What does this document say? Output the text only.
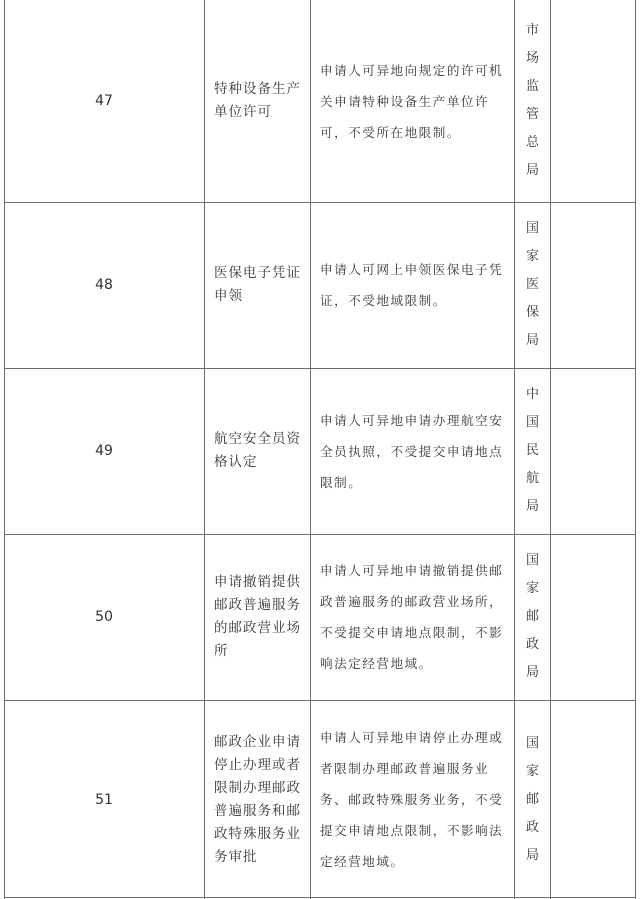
47
特种设备生产单位许可
申请人可异地向规定的许可机关申请特种设备生产单位许可，不受所在地限制。
市场监管总局
48
医保电子凭证申领
申请人可网上申领医保电子凭证，不受地域限制。
国家医保局
49
航空安全员资格认定
申请人可异地申请办理航空安全员执照，不受提交申请地点限制。
中国民航局
50
申请撤销提供邮政普遍服务的邮政营业场所
申请人可异地申请撤销提供邮政普遍服务的邮政营业场所，不受提交申请地点限制，不影响法定经营地域。
国家邮政局
51
邮政企业申请停止办理或者限制办理邮政普遍服务和邮政特殊服务业务审批
申请人可异地申请停止办理或者限制办理邮政普遍服务业务、邮政特殊服务业务，不受提交申请地点限制，不影响法定经营地域。
国家邮政局
